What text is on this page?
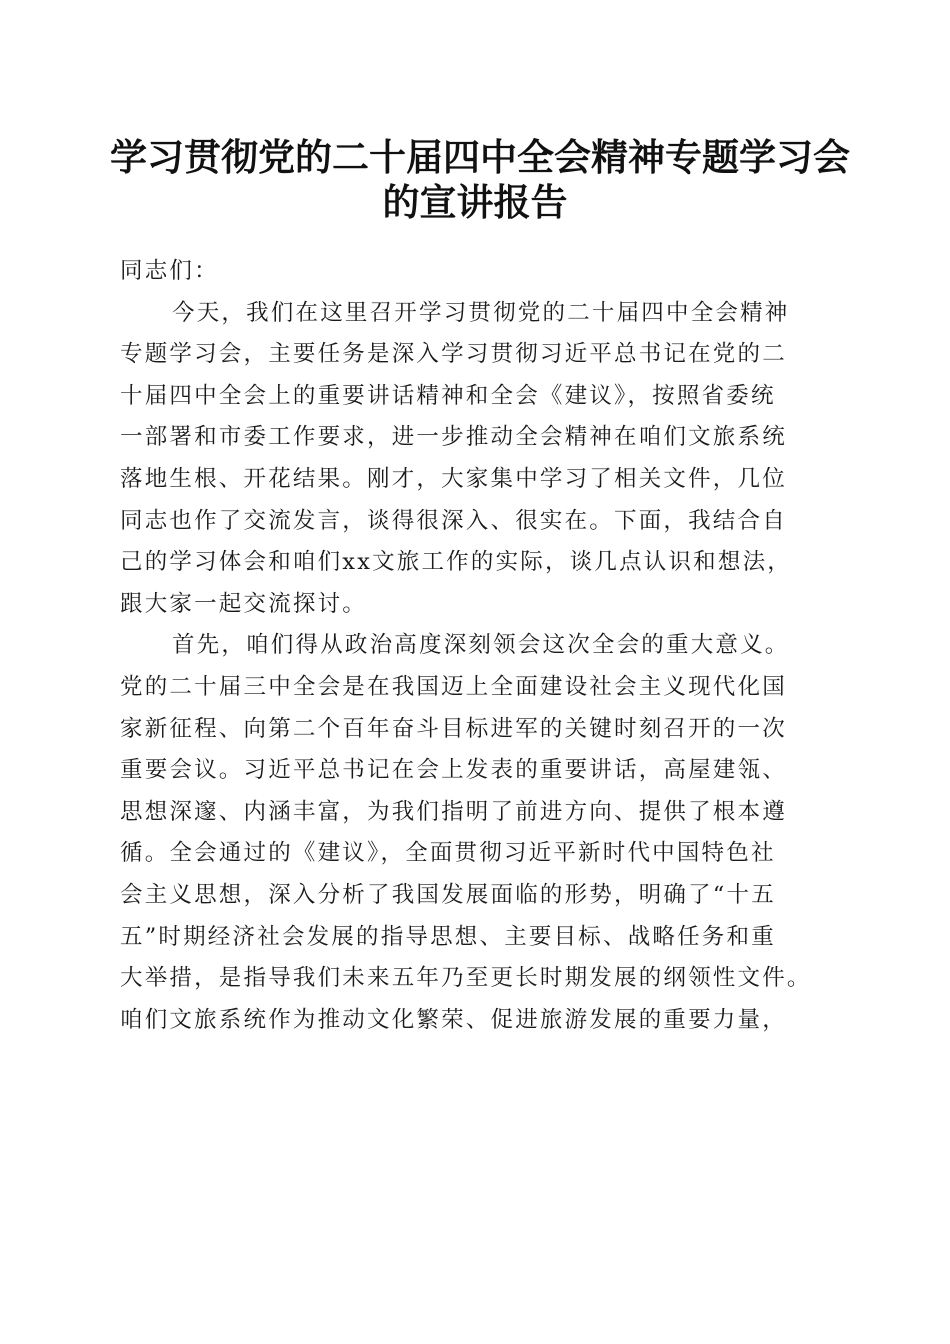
学习贯彻党的二十届四中全会精神专题学习会
的宣讲报告
同志们：
今天，我们在这里召开学习贯彻党的二十届四中全会精神
专题学习会，主要任务是深入学习贯彻习近平总书记在党的二
十届四中全会上的重要讲话精神和全会《建议》，按照省委统
一部署和市委工作要求，进一步推动全会精神在咱们文旅系统
落地生根、开花结果。刚才，大家集中学习了相关文件，几位
同志也作了交流发言，谈得很深入、很实在。下面，我结合自
己的学习体会和咱们xx文旅工作的实际，谈几点认识和想法，
跟大家一起交流探讨。
首先，咱们得从政治高度深刻领会这次全会的重大意义。
党的二十届三中全会是在我国迈上全面建设社会主义现代化国
家新征程、向第二个百年奋斗目标进军的关键时刻召开的一次
重要会议。习近平总书记在会上发表的重要讲话，高屋建瓴、
思想深邃、内涵丰富，为我们指明了前进方向、提供了根本遵
循。全会通过的《建议》，全面贯彻习近平新时代中国特色社
会主义思想，深入分析了我国发展面临的形势，明确了“十五
五”时期经济社会发展的指导思想、主要目标、战略任务和重
大举措，是指导我们未来五年乃至更长时期发展的纲领性文件。
咱们文旅系统作为推动文化繁荣、促进旅游发展的重要力量，
